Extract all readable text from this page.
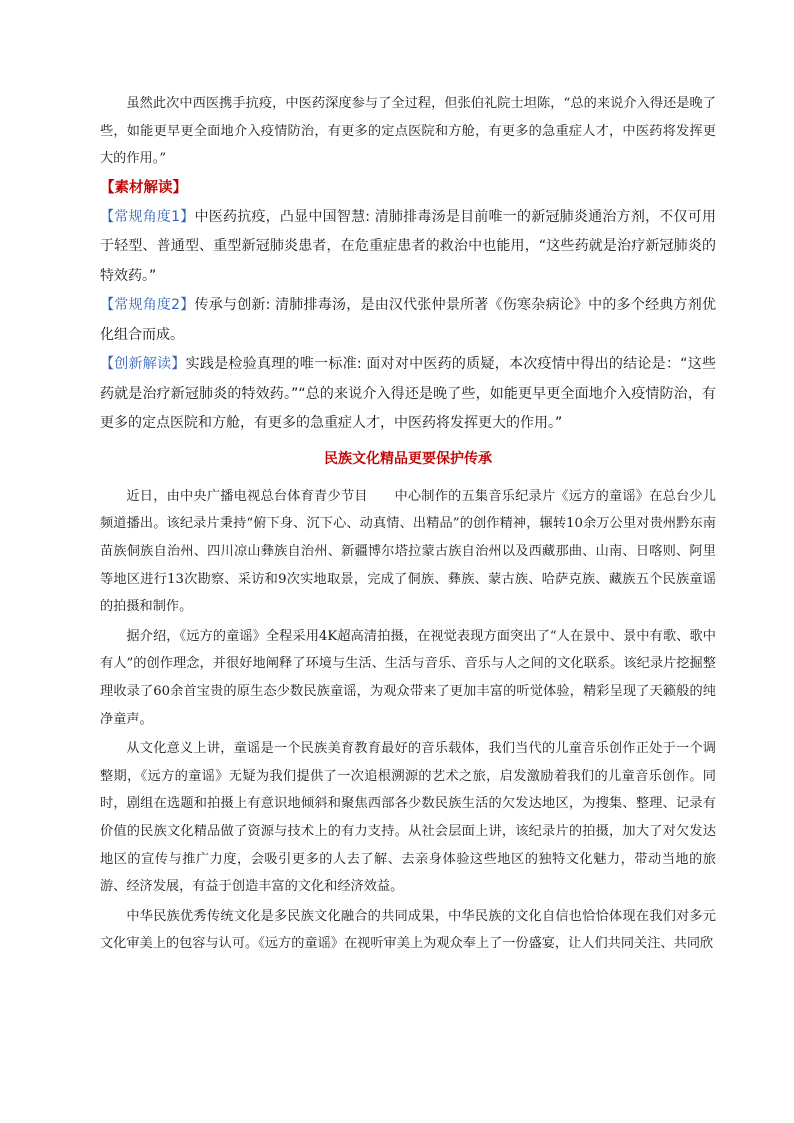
虽然此次中西医携手抗疫，中医药深度参与了全过程，但张伯礼院士坦陈，“总的来说介入得还是晚了些，如能更早更全面地介入疫情防治，有更多的定点医院和方舱，有更多的急重症人才，中医药将发挥更大的作用。”

【素材解读】

【常规角度1】中医药抗疫，凸显中国智慧: 清肺排毒汤是目前唯一的新冠肺炎通治方剂，不仅可用于轻型、普通型、重型新冠肺炎患者，在危重症患者的救治中也能用，“这些药就是治疗新冠肺炎的特效药。”

【常规角度2】传承与创新: 清肺排毒汤，是由汉代张仲景所著《伤寒杂病论》中的多个经典方剂优化组合而成。

【创新解读】实践是检验真理的唯一标准: 面对对中医药的质疑，本次疫情中得出的结论是：“这些药就是治疗新冠肺炎的特效药。”“总的来说介入得还是晚了些，如能更早更全面地介入疫情防治，有更多的定点医院和方舱，有更多的急重症人才，中医药将发挥更大的作用。”

民族文化精品更要保护传承

近日，由中央广播电视总台体育青少节目　　中心制作的五集音乐纪录片《远方的童谣》在总台少儿频道播出。该纪录片秉持“俯下身、沉下心、动真情、出精品”的创作精神，辗转10余万公里对贵州黔东南苗族侗族自治州、四川凉山彝族自治州、新疆博尔塔拉蒙古族自治州以及西藏那曲、山南、日喀则、阿里等地区进行13次勘察、采访和9次实地取景，完成了侗族、彝族、蒙古族、哈萨克族、藏族五个民族童谣的拍摄和制作。

据介绍，《远方的童谣》全程采用4K超高清拍摄，在视觉表现方面突出了“人在景中、景中有歌、歌中有人”的创作理念，并很好地阐释了环境与生活、生活与音乐、音乐与人之间的文化联系。该纪录片挖掘整理收录了60余首宝贵的原生态少数民族童谣，为观众带来了更加丰富的听觉体验，精彩呈现了天籁般的纯净童声。

从文化意义上讲，童谣是一个民族美育教育最好的音乐载体，我们当代的儿童音乐创作正处于一个调整期，《远方的童谣》无疑为我们提供了一次追根溯源的艺术之旅，启发激励着我们的儿童音乐创作。同时，剧组在选题和拍摄上有意识地倾斜和聚焦西部各少数民族生活的欠发达地区，为搜集、整理、记录有价值的民族文化精品做了资源与技术上的有力支持。从社会层面上讲，该纪录片的拍摄，加大了对欠发达地区的宣传与推广力度，会吸引更多的人去了解、去亲身体验这些地区的独特文化魅力，带动当地的旅游、经济发展，有益于创造丰富的文化和经济效益。

中华民族优秀传统文化是多民族文化融合的共同成果，中华民族的文化自信也恰恰体现在我们对多元文化审美上的包容与认可。《远方的童谣》在视听审美上为观众奉上了一份盛宴，让人们共同关注、共同欣
